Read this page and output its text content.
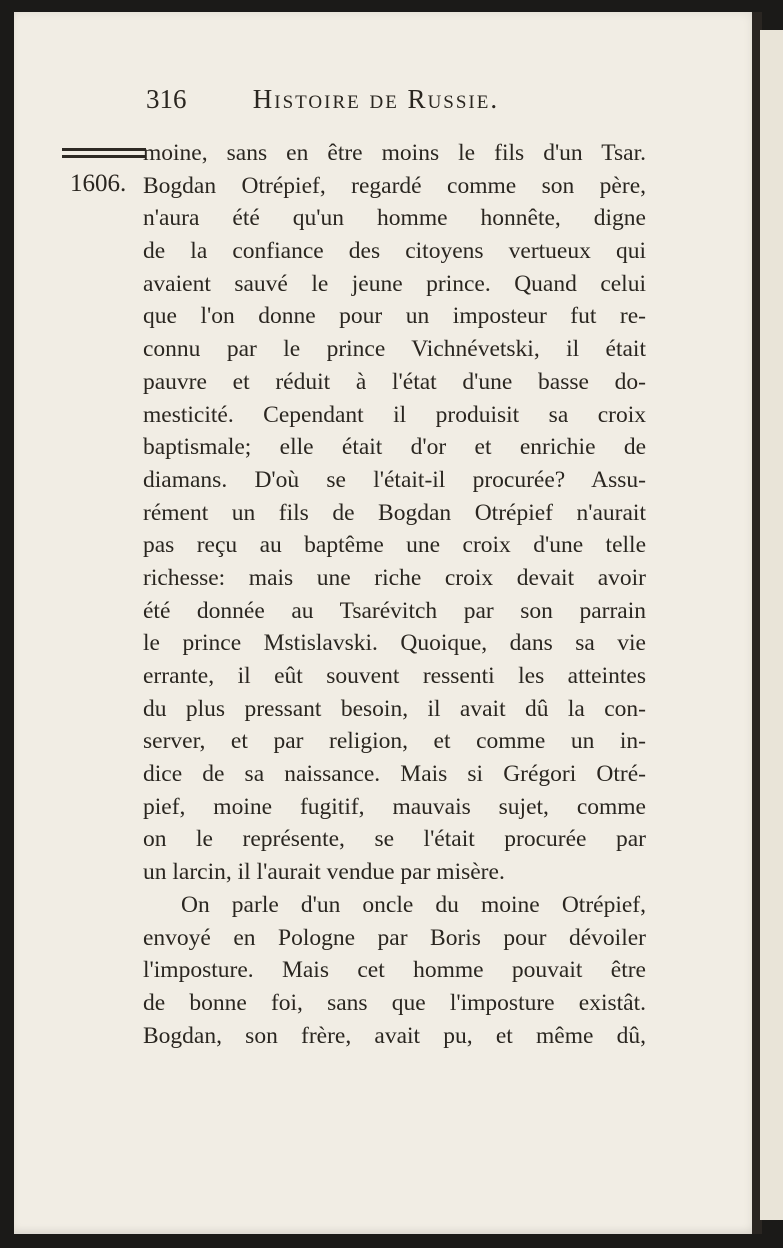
316 Histoire de Russie.
1606.
moine, sans en être moins le fils d'un Tsar.
Bogdan Otrépief, regardé comme son père,
n'aura été qu'un homme honnête, digne
de la confiance des citoyens vertueux qui
avaient sauvé le jeune prince. Quand celui
que l'on donne pour un imposteur fut re-
connu par le prince Vichnévetski, il était
pauvre et réduit à l'état d'une basse do-
mesticité. Cependant il produisit sa croix
baptismale; elle était d'or et enrichie de
diamans. D'où se l'était-il procurée? Assu-
rément un fils de Bogdan Otrépief n'aurait
pas reçu au baptême une croix d'une telle
richesse: mais une riche croix devait avoir
été donnée au Tsarévitch par son parrain
le prince Mstislavski. Quoique, dans sa vie
errante, il eût souvent ressenti les atteintes
du plus pressant besoin, il avait dû la con-
server, et par religion, et comme un in-
dice de sa naissance. Mais si Grégori Otré-
pief, moine fugitif, mauvais sujet, comme
on le représente, se l'était procurée par
un larcin, il l'aurait vendue par misère.
On parle d'un oncle du moine Otrépief,
envoyé en Pologne par Boris pour dévoiler
l'imposture. Mais cet homme pouvait être
de bonne foi, sans que l'imposture existât.
Bogdan, son frère, avait pu, et même dû,
